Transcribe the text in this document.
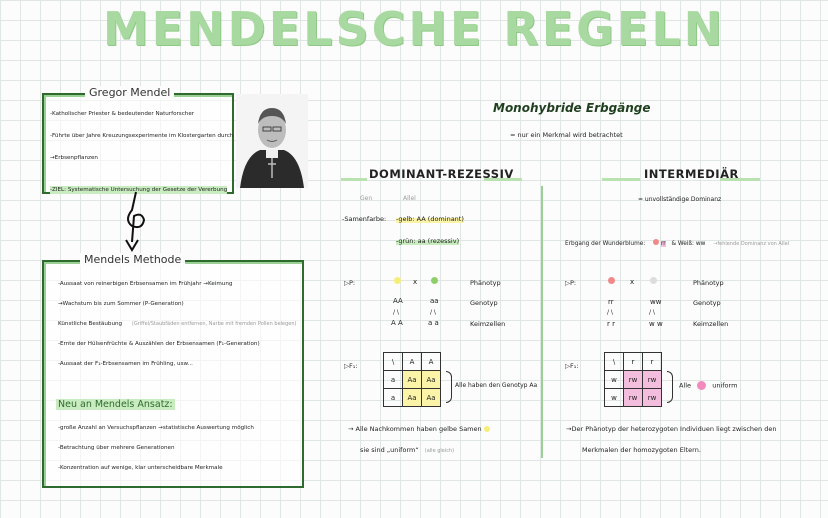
MENDELSCHE REGELN
Gregor Mendel
-Katholischer Priester & bedeutender Naturforscher
-Führte über Jahre Kreuzungsexperimente im Klostergarten durch
→Erbsenpflanzen
-ZIEL: Systematische Untersuchung der Gesetze der Vererbung
Mendels Methode
-Aussaat von reinerbigen Erbsensamen im Frühjahr →Keimung
→Wachstum bis zum Sommer (P-Generation)
Künstliche Bestäubung (Griffel/Staubfäden entfernen, Narbe mit fremden Pollen belegen)
-Ernte der Hülsenfrüchte & Auszählen der Erbsensamen (F₁-Generation)
-Aussaat der F₁-Erbsensamen im Frühling, usw...
Neu an Mendels Ansatz:
-große Anzahl an Versuchspflanzen →statistische Auswertung möglich
-Betrachtung über mehrere Generationen
-Konzentration auf wenige, klar unterscheidbare Merkmale
Monohybride Erbgänge
= nur ein Merkmal wird betrachtet
DOMINANT-REZESSIV	INTERMEDIÄR
Gen	Allel
-Samenfarbe: -gelb: AA (dominant)
-grün: aa (rezessiv)
▷P:	x	Phänotyp
AA	aa	Genotyp
/ \	/ \
A A	a a	Keimzellen
▷F₁:
\	A	A
a	Aa	Aa
a	Aa	Aa
Alle haben den Genotyp Aa
→ Alle Nachkommen haben gelbe Samen
sie sind „uniform“ (alle gleich)
= unvollständige Dominanz
Erbgang der Wunderblume:	rr & Weiß: ww →fehlende Dominanz von Allel
▷P:	x	Phänotyp
rr	ww	Genotyp
/ \	/ \
r r	w w	Keimzellen
▷F₁:
\	r	r
w	rw	rw
w	rw	rw
Alle	uniform
→Der Phänotyp der heterozygoten Individuen liegt zwischen den
Merkmalen der homozygoten Eltern.
